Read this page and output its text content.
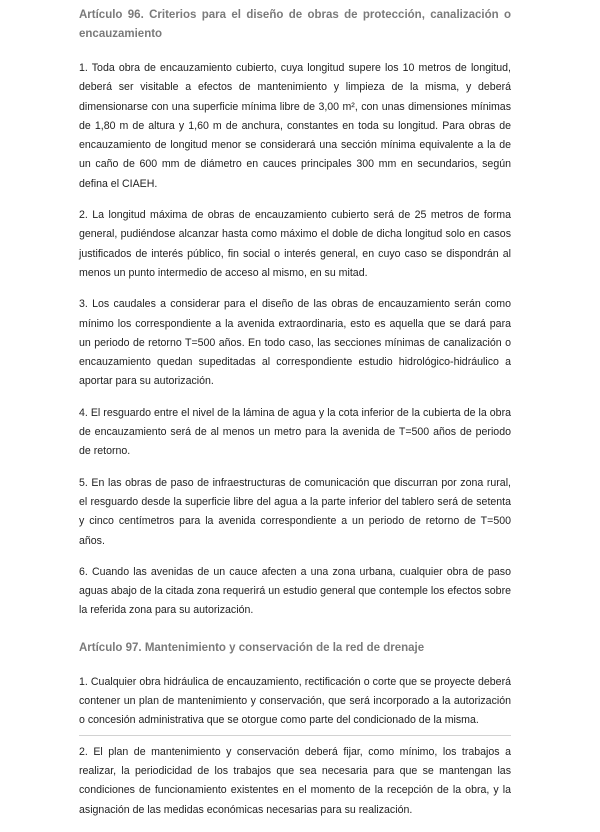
Artículo 96. Criterios para el diseño de obras de protección, canalización o encauzamiento

1. Toda obra de encauzamiento cubierto, cuya longitud supere los 10 metros de longitud, deberá ser visitable a efectos de mantenimiento y limpieza de la misma, y deberá dimensionarse con una superficie mínima libre de 3,00 m², con unas dimensiones mínimas de 1,80 m de altura y 1,60 m de anchura, constantes en toda su longitud. Para obras de encauzamiento de longitud menor se considerará una sección mínima equivalente a la de un caño de 600 mm de diámetro en cauces principales 300 mm en secundarios, según defina el CIAEH.

2. La longitud máxima de obras de encauzamiento cubierto será de 25 metros de forma general, pudiéndose alcanzar hasta como máximo el doble de dicha longitud solo en casos justificados de interés público, fin social o interés general, en cuyo caso se dispondrán al menos un punto intermedio de acceso al mismo, en su mitad.

3. Los caudales a considerar para el diseño de las obras de encauzamiento serán como mínimo los correspondiente a la avenida extraordinaria, esto es aquella que se dará para un periodo de retorno T=500 años. En todo caso, las secciones mínimas de canalización o encauzamiento quedan supeditadas al correspondiente estudio hidrológico-hidráulico a aportar para su autorización.

4. El resguardo entre el nivel de la lámina de agua y la cota inferior de la cubierta de la obra de encauzamiento será de al menos un metro para la avenida de T=500 años de periodo de retorno.

5. En las obras de paso de infraestructuras de comunicación que discurran por zona rural, el resguardo desde la superficie libre del agua a la parte inferior del tablero será de setenta y cinco centímetros para la avenida correspondiente a un periodo de retorno de T=500 años.

6. Cuando las avenidas de un cauce afecten a una zona urbana, cualquier obra de paso aguas abajo de la citada zona requerirá un estudio general que contemple los efectos sobre la referida zona para su autorización.

Artículo 97. Mantenimiento y conservación de la red de drenaje

1. Cualquier obra hidráulica de encauzamiento, rectificación o corte que se proyecte deberá contener un plan de mantenimiento y conservación, que será incorporado a la autorización o concesión administrativa que se otorgue como parte del condicionado de la misma.

2. El plan de mantenimiento y conservación deberá fijar, como mínimo, los trabajos a realizar, la periodicidad de los trabajos que sea necesaria para que se mantengan las condiciones de funcionamiento existentes en el momento de la recepción de la obra, y la asignación de las medidas económicas necesarias para su realización.
